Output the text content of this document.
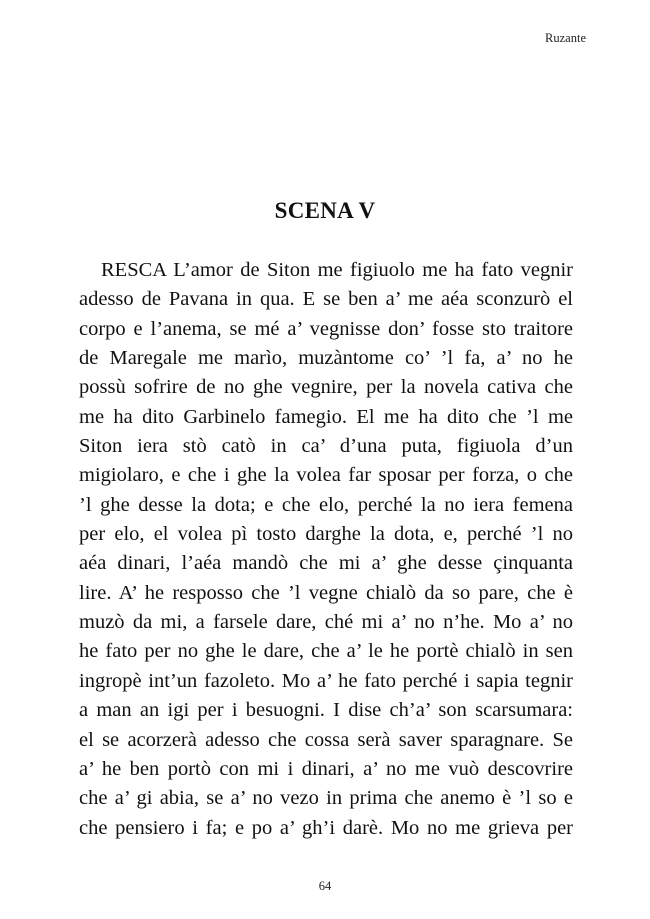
Ruzante
SCENA V
RESCA L’amor de Siton me figiuolo me ha fato vegnir
adesso de Pavana in qua. E se ben a’ me aéa sconzurò el
corpo e l’anema, se mé a’ vegnisse don’ fosse sto traitore
de Maregale me marìo, muzàntome co’ ’l fa, a’ no he
possù sofrire de no ghe vegnire, per la novela cativa che
me ha dito Garbinelo famegio. El me ha dito che ’l me
Siton iera stò catò in ca’ d’una puta, figiuola d’un
migiolaro, e che i ghe la volea far sposar per forza, o che
’l ghe desse la dota; e che elo, perché la no iera femena
per elo, el volea pì tosto darghe la dota, e, perché ’l no
aéa dinari, l’aéa mandò che mi a’ ghe desse çinquanta
lire. A’ he resposso che ’l vegne chialò da so pare, che è
muzò da mi, a farsele dare, ché mi a’ no n’he. Mo a’ no
he fato per no ghe le dare, che a’ le he portè chialò in sen
ingropè int’un fazoleto. Mo a’ he fato perché i sapia tegnir
a man an igi per i besuogni. I dise ch’a’ son scarsumara:
el se acorzerà adesso che cossa serà saver sparagnare. Se
a’ he ben portò con mi i dinari, a’ no me vuò descovrire
che a’ gi abia, se a’ no vezo in prima che anemo è ’l so e
che pensiero i fa; e po a’ gh’i darè. Mo no me grieva per
64
